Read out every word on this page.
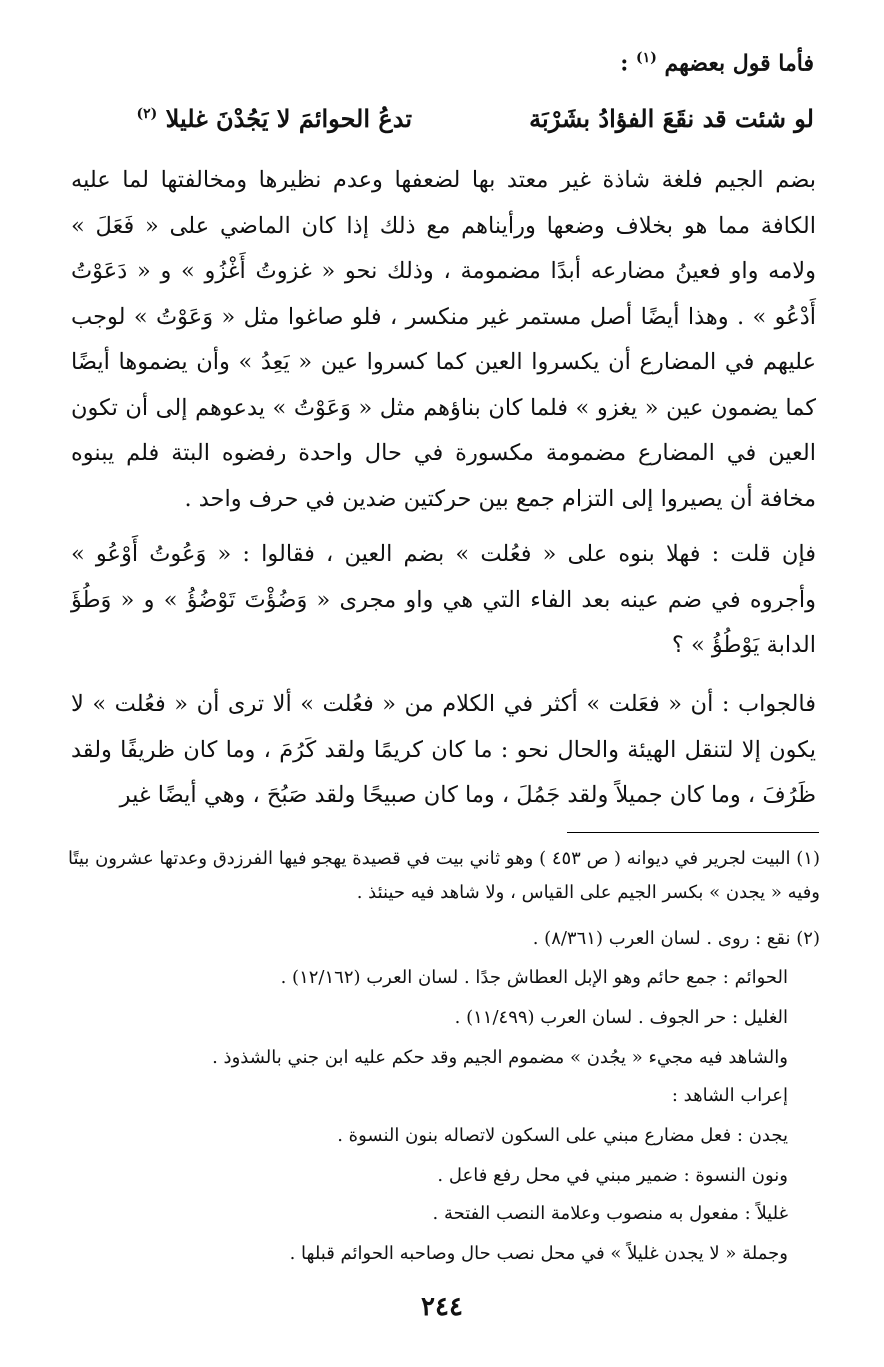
فأما قول بعضهم $^{(١)}$ :
لو شئت قد نقَعَ الفؤادُ بشَرْبَة
تدعُ الحوائمَ لا يَجُدْنَ غليلا $^{(٢)}$
بضم الجيم فلغة شاذة غير معتد بها لضعفها وعدم نظيرها ومخالفتها لما عليه الكافة مما هو بخلاف وضعها ورأيناهم مع ذلك إذا كان الماضي على « فَعَلَ » ولامه واو فعينُ مضارعه أبدًا مضمومة ، وذلك نحو « غزوتُ أَغْزُو » و « دَعَوْتُ أَدْعُو » . وهذا أيضًا أصل مستمر غير منكسر ، فلو صاغوا مثل « وَعَوْتُ » لوجب عليهم في المضارع أن يكسروا العين كما كسروا عين « يَعِدُ » وأن يضموها أيضًا كما يضمون عين « يغزو » فلما كان بناؤهم مثل « وَعَوْتُ » يدعوهم إلى أن تكون العين في المضارع مضمومة مكسورة في حال واحدة رفضوه البتة فلم يبنوه مخافة أن يصيروا إلى التزام جمع بين حركتين ضدين في حرف واحد .
فإن قلت : فهلا بنوه على « فعُلت » بضم العين ، فقالوا : « وَعُوتُ أَوْعُو » وأجروه في ضم عينه بعد الفاء التي هي واو مجرى « وَضُؤْتَ تَوْضُؤُ » و « وَطُؤَ الدابة يَوْطُؤُ » ؟
فالجواب : أن « فعَلت » أكثر في الكلام من « فعُلت » ألا ترى أن « فعُلت » لا يكون إلا لتنقل الهيئة والحال نحو : ما كان كريمًا ولقد كَرُمَ ، وما كان ظريفًا ولقد ظَرُفَ ، وما كان جميلاً ولقد جَمُلَ ، وما كان صبيحًا ولقد صَبُحَ ، وهي أيضًا غير
(١) البيت لجرير في ديوانه ( ص ٤٥٣ ) وهو ثاني بيت في قصيدة يهجو فيها الفرزدق وعدتها عشرون بيتًا وفيه « يجدن » بكسر الجيم على القياس ، ولا شاهد فيه حينئذ .
(٢) نقع : روى . لسان العرب (٨/٣٦١) .
الحوائم : جمع حائم وهو الإبل العطاش جدًا . لسان العرب (١٢/١٦٢) .
الغليل : حر الجوف . لسان العرب (١١/٤٩٩) .
والشاهد فيه مجيء « يجُدن » مضموم الجيم وقد حكم عليه ابن جني بالشذوذ .
إعراب الشاهد :
يجدن : فعل مضارع مبني على السكون لاتصاله بنون النسوة .
ونون النسوة : ضمير مبني في محل رفع فاعل .
غليلاً : مفعول به منصوب وعلامة النصب الفتحة .
وجملة « لا يجدن غليلاً » في محل نصب حال وصاحبه الحوائم قبلها .
٢٤٤
